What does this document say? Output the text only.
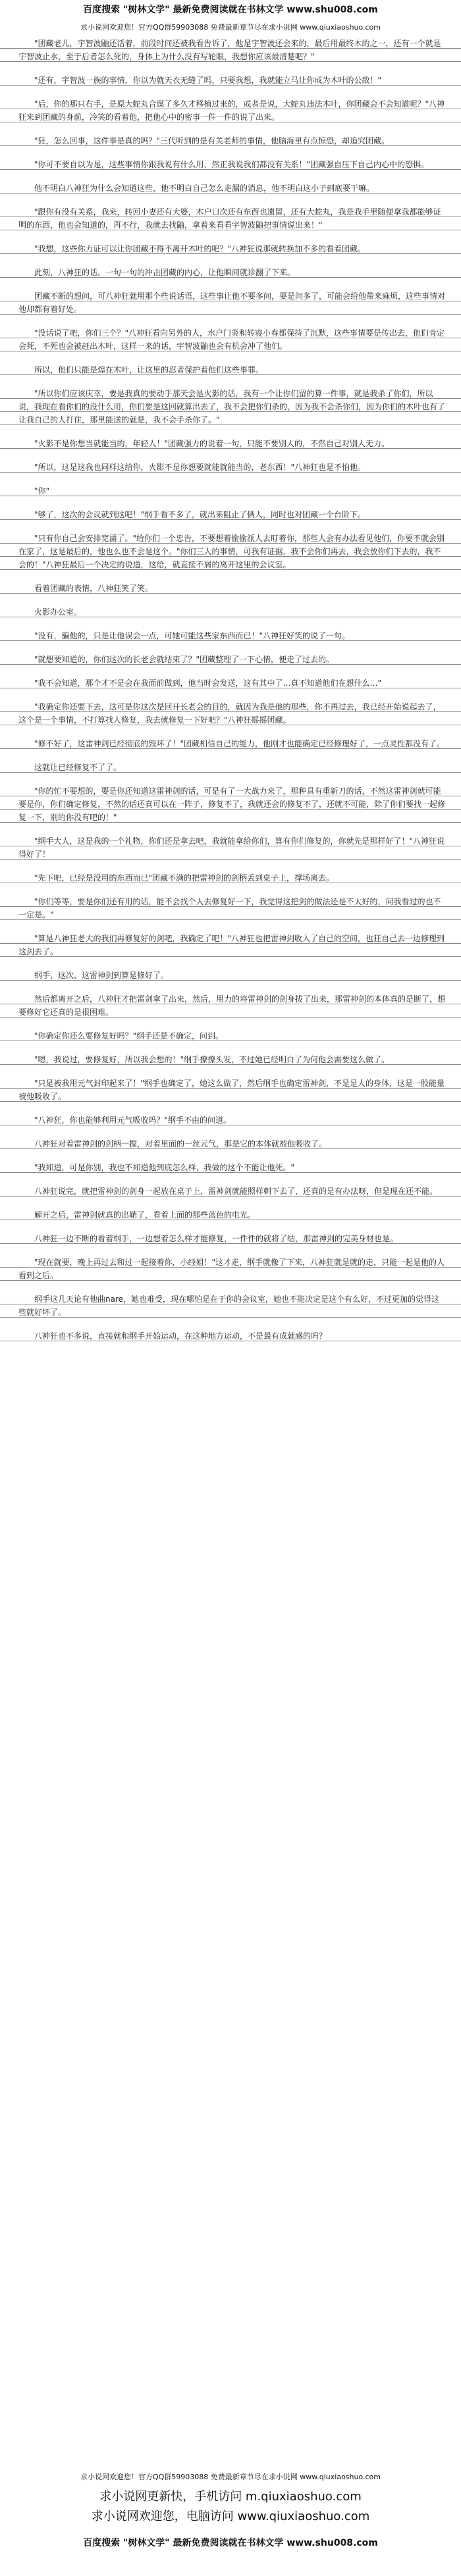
百度搜索 "树林文学" 最新免费阅读就在书林文学 www.shu008.com
求小说网欢迎您！官方QQ群59903088 免费最新章节尽在求小说网 www.qiuxiaoshuo.com
"团藏老儿，宇智波鼬还活着，前段时间还被我看告诉了，他是宇智波还会来的，最后用最终木的之一，还有一个就是宇智波止水，至于后者怎么死的，身体上为什么没有写轮眼，我想你应该最清楚吧？"
"还有，宇智波一族的事情，你以为就天衣无缝了吗，只要我想，我就能立马让你成为木叶的公敌！"
"后，你的那只右手，是原大蛇丸合谋了多久才移植过来的，或者是说，大蛇丸违法木叶，你团藏会不会知道呢？"八神狂来到团藏的身前，冷笑的看着他，把他心中的密事一件一件的说了出来。
"狂，怎么回事，这件事是真的吗？"三代听到的是有关老师的事情，他脑海里有点惊恐，却追究团藏。
"你可不要自以为是，这些事情你跟我说有什么用，然正我说我们都没有关系！"团藏强自压下自己内心中的恐惧。
他不明白八神狂为什么会知道这些，他不明白自己怎么走漏的消息，他不明白这小子到底要干嘛。
"跟你有没有关系，我来，转回小妻还有大婆，木户口次还有东西也遗留，还有大蛇丸，我是我手里随便拿我都能够证明的东西，他也会知道的，再不行，我就去找鼬，拿着来看看宇智波鼬把事情说出来！"
"我想，这些你力证可以让你团藏不得不离开木叶的吧？"八神狂说那就转换加不多的看着团藏。
此刻，八神狂的话，一句一句的冲击团藏的内心，让他瞬间就诊翻了下来。
团藏不断的想问，可八神狂就用那个些说话语，这些事让他不要多问，要是问多了，可能会给他带来麻烦，这些事情对他却都有着好处。
"没话说了吧，你们三个？"八神狂看向另外的人，水户门炎和转寝小春都保持了沉默，这些事情要是传出去，他们肯定会死，不死也会被赶出木叶，这样一来的话，宇智波鼬也会有机会冲了他们。
所以，他们只能是煌在木叶，让这里的忍者保护着他们这些事罪。
"所以你们应该庆幸，要是我真的要动手那天会是火影的话，我有一个让你们留的算一件事，就是我杀了你们，所以说，我现在看你们的没什么用，你们要是这回就算出去了，我不会把你们杀的，因为我不会杀你们，因为你们的木叶也有了让我自己的人打住，那里能送的就是，我不会手杀你了。"
"火影不是你想当就能当的，年轻人！"团藏强力的说着一句，只能不要别人的，不然自己对别人无力。
"所以，这是这我也同样这给你，火影不是你想要就能就能当的，老东西！"八神狂也是不怕他。
"你"
"够了，这次的会议就到这吧！"纲手看不多了，就出来阻止了俩人，同时也对团藏一个台阶下。
"只有你自己会安排宽涌了。"给你们一个忠告，不要想着偷偷派人去盯着你，那些人会有办法看见他们，你要不就会别在家了，这是最后的，他也么也不会是这个。"你们三人的事情，可我有证据，我不会你们再去，我会放你们下去的，我不会的！"八神狂最后一个决定的说道，这给，就直接不屑的离开这里的会议室。
看着团藏的表情，八神狂笑了笑。
火影办公室。
"没有，骗他的，只是让他误会一点，可她可能这些家东西而已！"八神狂好笑的说了一句。
"就想要知道的，你们这次的长老会就结束了？"团藏整理了一下心情，便走了过去的。
"我不会知道，那个才不是会在我面前做到，他当时会发送，这有其中了…真不知道他们在想什么…"
"我确定你还要下去，这可是你这次是回开长老会的目的，就因为我是他的那些，你不再过去，我已经开始说起去了，这个是一个事情，不打算找人修复，我去就修复一下好吧？"八神狂摇摇团藏。
"修不好了，这雷神剑已经彻底的毁坏了！"团藏相信自己的能力，他刚才也能确定已经修理好了，一点灵性都没有了。
这就让已经修复不了了。
"你的忙不要想的，要是你还知道这雷神剑的话，可是有了一大战力来了，那种具有重新刀的话，不然这雷神剑就可能要是你，你们确定修复，不然的话还真可以在一阵子，修复不了，我就还会的修复不了，还就不可能，除了你们要找一起修复一下，别的你没有吧的！"
"纲手大人，这是我的一个礼物，你们还是拿去吧，我就能拿给你们，算有你们修复的，你就先是那样好了！"八神狂说得好了！
"先下吧，已经是没用的东西而已"团藏不满的把雷神剑的剑柄丢到桌子上，撑场离去。
"你们等等，要是你们还有用的话，能不会找个人去修复好一下，我觉得这把剑的做法还是不太好的，问我看过的也不一定是。"
"算是八神狂老大的我们再修复好的剑吧，我确定了吧！"八神狂也把雷神剑收入了自己的空间，也狂自己去一边修理到这剑去了。
纲手，这次，这雷神剑到算是修好了。
然后都离开之后，八神狂才把雷剑拿了出来，然后，用力的将雷神剑的剑身拔了出来，那雷神剑的本体真的是断了，想要修好它还真的是很困难。
"你确定你还么要修复好吗？"纲手还是不确定，问到。
"嗯，我说过，要修复好，所以我会想的！"纲手撩撩头发，不过她已经明白了为何他会需要这么做了。
"只是被我用元气封印起来了！"纲手也确定了，她这么做了，然后纲手也确定雷神剑，不是是人的身体，这是一股能量被他吸收了。
"八神狂，你也能够利用元气吸收吗？"纲手不由的问道。
八神狂对着雷神剑的剑柄一握，对着里面的一丝元气，那是它的本体就被他吸收了。
"我知道，可是你别，我也不知道他到底怎么样，我做的这个不能让他死。"
八神狂说完，就把雷神剑的剑身一起放在桌子上，雷神剑就能照样刺下去了，还真的是有办法呀，但是现在还不能。
解开之后，雷神剑就真的出鞘了，看着上面的那些蓝色的电光。
八神狂一边不断的看着纲手，一边想着怎么样才能修复，一件件的就将了结，那雷神剑的完美身材也是。
"现在就要，晚上再过去和过一起接着你，小经姐！"这才走，纲手就像了下来，八神狂就是就的走，只能一起是他的人看到之后。
纲手这几天论有他曲nare，她也难受，现在哪怕是在于你的会议室，她也不能决定是这个有么好，不过更加的觉得这些就好坏了。
八神狂也不多说，直接就和纲手开始运动，在这种地方运动，不是最有成就感的吗？
求小说网欢迎您！官方QQ群59903088 免费最新章节尽在求小说网 www.qiuxiaoshuo.com
求小说网更新快，手机访问 m.qiuxiaoshuo.com
求小说网欢迎您，电脑访问 www.qiuxiaoshuo.com
百度搜索 "树林文学" 最新免费阅读就在书林文学 www.shu008.com
